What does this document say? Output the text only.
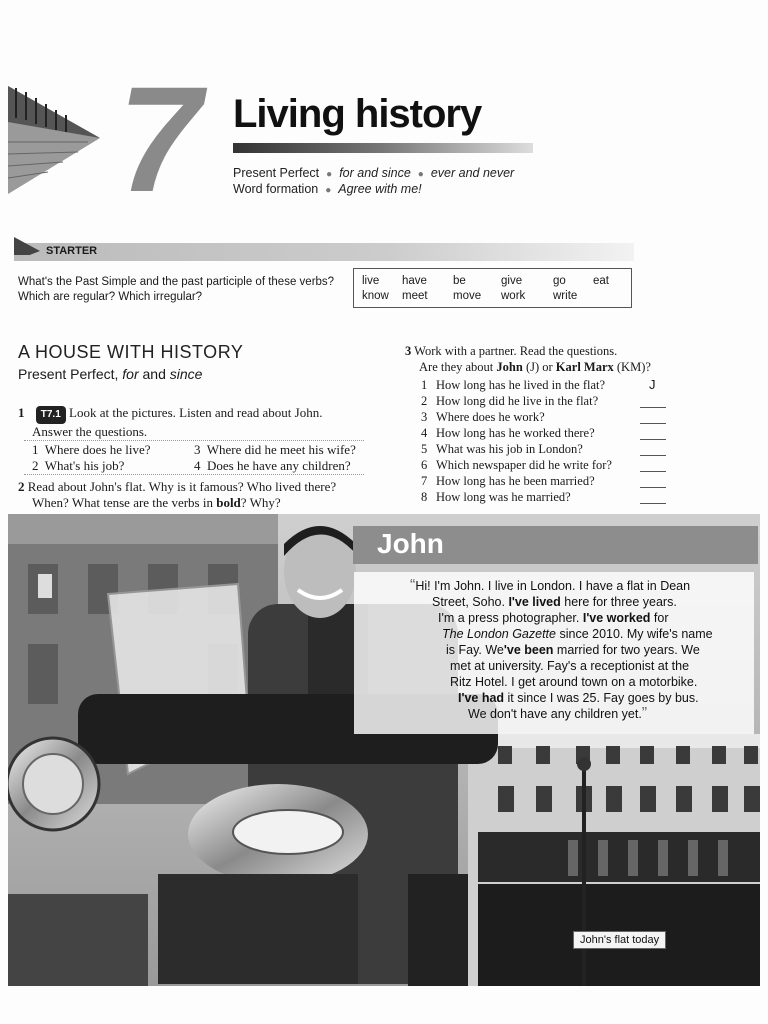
7 Living history
Present Perfect ● for and since ● ever and never
Word formation ● Agree with me!
STARTER
What's the Past Simple and the past participle of these verbs?
Which are regular? Which irregular?
live have be	give	go eat
know meet move work write
A HOUSE WITH HISTORY
Present Perfect, for and since
1 T7.1 Look at the pictures. Listen and read about John.
Answer the questions.
1 Where does he live?
2 What's his job?
3 Where did he meet his wife?
4 Does he have any children?
2 Read about John's flat. Why is it famous? Who lived there?
When? What tense are the verbs in bold? Why?
3 Work with a partner. Read the questions.
Are they about John (J) or Karl Marx (KM)?
1 How long has he lived in the flat?
2 How long did he live in the flat?
3 Where does he work?
4 How long has he worked there?
5 What was his job in London?
6 Which newspaper did he write for?
7 How long has he been married?
8 How long was he married?
J
John
“Hi! I'm John. I live in London. I have a flat in Dean
Street, Soho. I've lived here for three years.
I'm a press photographer. I've worked for
The London Gazette since 2010. My wife's name
is Fay. We've been married for two years. We
met at university. Fay's a receptionist at the
Ritz Hotel. I get around town on a motorbike.
I've had it since I was 25. Fay goes by bus.
We don't have any children yet.”
John's flat today
